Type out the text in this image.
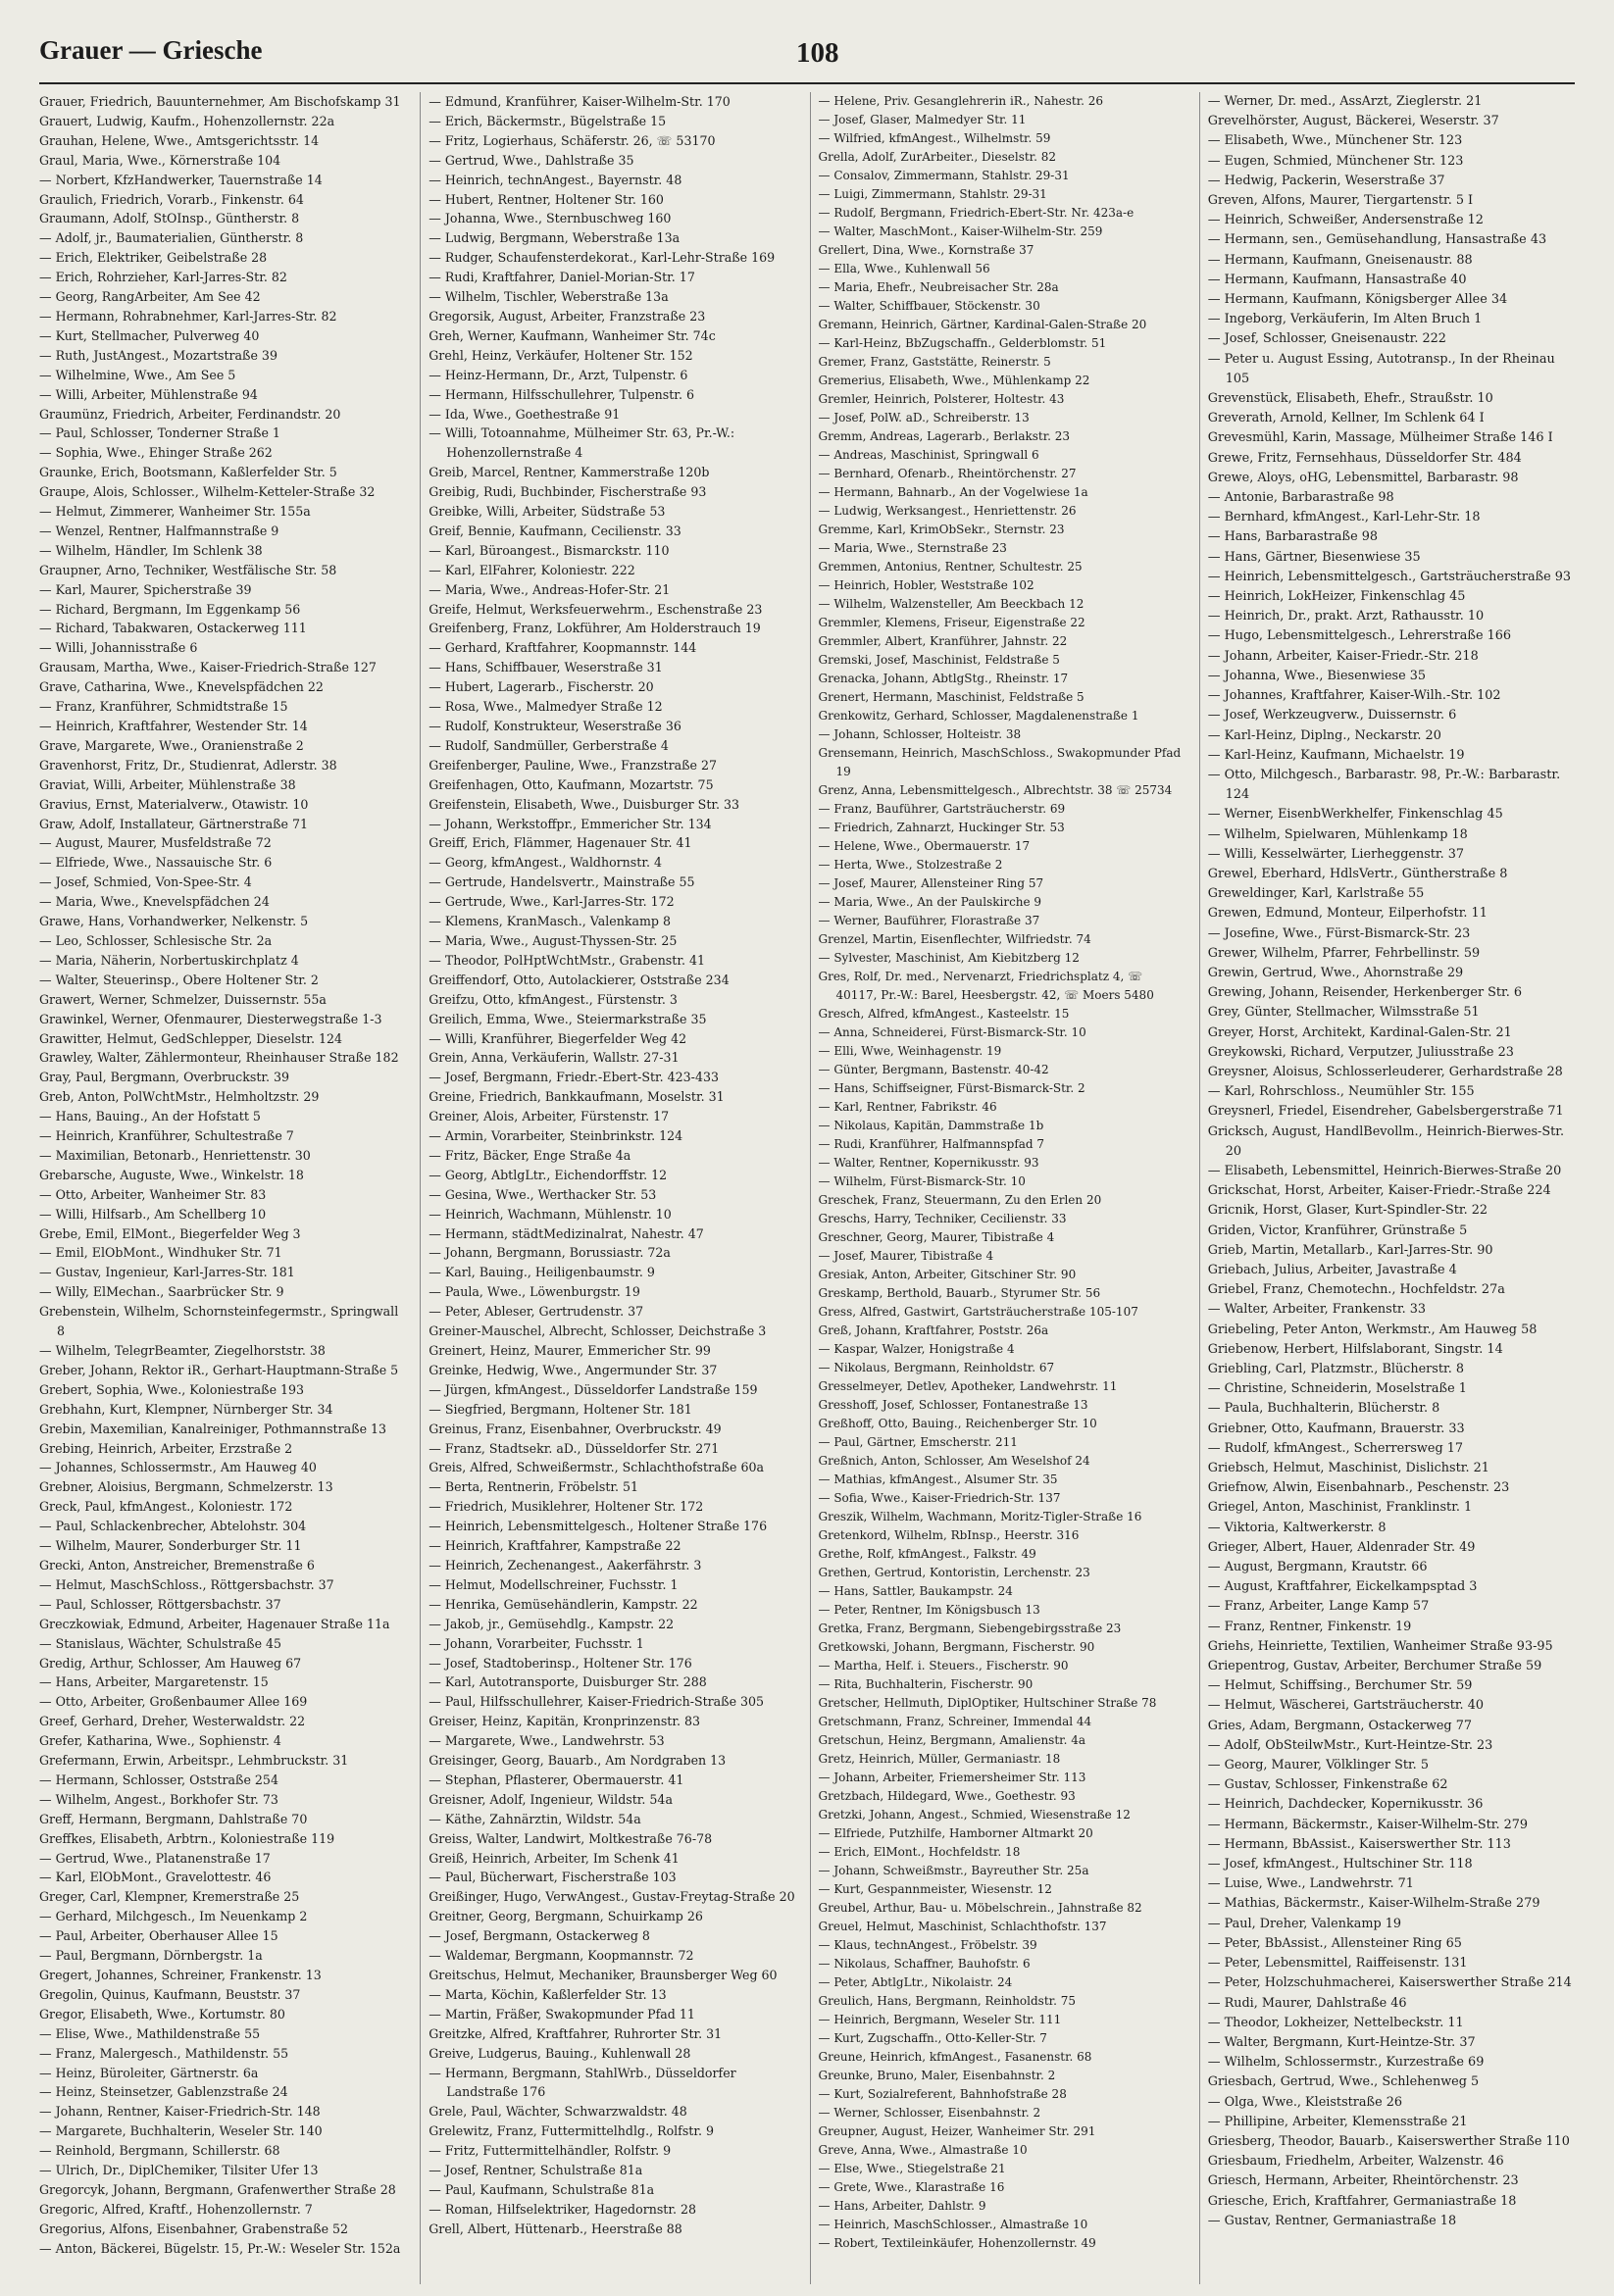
Grauer — Griesche	108
Grauer, Friedrich, Bauunternehmer, Am Bischofskamp 31
Grauert, Ludwig, Kaufm., Hohenzollernstr. 22a
Grauhan, Helene, Wwe., Amtsgerichtsstr. 14
Graul, Maria, Wwe., Körnerstraße 104
— Norbert, KfzHandwerker, Tauernstraße 14
Graulich, Friedrich, Vorarb., Finkenstr. 64
Graumann, Adolf, StOInsp., Güntherstr. 8
— Adolf, jr., Baumaterialien, Güntherstr. 8
— Erich, Elektriker, Geibelstraße 28
— Erich, Rohrzieher, Karl-Jarres-Str. 82
— Georg, RangArbeiter, Am See 42
— Hermann, Rohrabnehmer, Karl-Jarres-Str. 82
— Kurt, Stellmacher, Pulverweg 40
— Ruth, JustAngest., Mozartstraße 39
— Wilhelmine, Wwe., Am See 5
— Willi, Arbeiter, Mühlenstraße 94
Graumünz, Friedrich, Arbeiter, Ferdinandstr. 20
— Paul, Schlosser, Tonderner Straße 1
— Sophia, Wwe., Ehinger Straße 262
Graunke, Erich, Bootsmann, Kaßlerfelder Str. 5
Graupe, Alois, Schlosser., Wilhelm-Ketteler-Straße 32
— Helmut, Zimmerer, Wanheimer Str. 155a
— Wenzel, Rentner, Halfmannstraße 9
— Wilhelm, Händler, Im Schlenk 38
Graupner, Arno, Techniker, Westfälische Str. 58
— Karl, Maurer, Spicherstraße 39
— Richard, Bergmann, Im Eggenkamp 56
— Richard, Tabakwaren, Ostackerweg 111
— Willi, Johannisstraße 6
Grausam, Martha, Wwe., Kaiser-Friedrich-Straße 127
Grave, Catharina, Wwe., Knevelspfädchen 22
— Franz, Kranführer, Schmidtstraße 15
— Heinrich, Kraftfahrer, Westender Str. 14
Grave, Margarete, Wwe., Oranienstraße 2
Gravenhorst, Fritz, Dr., Studienrat, Adlerstr. 38
Graviat, Willi, Arbeiter, Mühlenstraße 38
Gravius, Ernst, Materialverw., Otawistr. 10
Graw, Adolf, Installateur, Gärtnerstraße 71
— August, Maurer, Musfeldstraße 72
— Elfriede, Wwe., Nassauische Str. 6
— Josef, Schmied, Von-Spee-Str. 4
— Maria, Wwe., Knevelspfädchen 24
Grawe, Hans, Vorhandwerker, Nelkenstr. 5
— Leo, Schlosser, Schlesische Str. 2a
— Maria, Näherin, Norbertuskirchplatz 4
— Walter, Steuerinsp., Obere Holtener Str. 2
Grawert, Werner, Schmelzer, Duissernstr. 55a
Grawinkel, Werner, Ofenmaurer, Diesterwegstraße 1-3
Grawitter, Helmut, GedSchlepper, Dieselstr. 124
Grawley, Walter, Zählermonteur, Rheinhauser Straße 182
Gray, Paul, Bergmann, Overbruckstr. 39
Greb, Anton, PolWchtMstr., Helmholtzstr. 29
— Hans, Bauing., An der Hofstatt 5
— Heinrich, Kranführer, Schultestraße 7
— Maximilian, Betonarb., Henriettenstr. 30
Grebarsche, Auguste, Wwe., Winkelstr. 18
— Otto, Arbeiter, Wanheimer Str. 83
— Willi, Hilfsarb., Am Schellberg 10
Grebe, Emil, ElMont., Biegerfelder Weg 3
— Emil, ElObMont., Windhuker Str. 71
— Gustav, Ingenieur, Karl-Jarres-Str. 181
— Willy, ElMechan., Saarbrücker Str. 9
Grebenstein, Wilhelm, Schornsteinfegermstr., Springwall 8
— Wilhelm, TelegrBeamter, Ziegelhorststr. 38
Greber, Johann, Rektor iR., Gerhart-Hauptmann-Straße 5
Grebert, Sophia, Wwe., Koloniestraße 193
Grebhahn, Kurt, Klempner, Nürnberger Str. 34
Grebin, Maxemilian, Kanalreiniger, Pothmannstraße 13
Grebing, Heinrich, Arbeiter, Erzstraße 2
— Johannes, Schlossermstr., Am Hauweg 40
Grebner, Aloisius, Bergmann, Schmelzerstr. 13
Greck, Paul, kfmAngest., Koloniestr. 172
— Paul, Schlackenbrecher, Abtelohstr. 304
— Wilhelm, Maurer, Sonderburger Str. 11
Grecki, Anton, Anstreicher, Bremenstraße 6
— Helmut, MaschSchloss., Röttgersbachstr. 37
— Paul, Schlosser, Röttgersbachstr. 37
Greczkowiak, Edmund, Arbeiter, Hagenauer Straße 11a
— Stanislaus, Wächter, Schulstraße 45
Gredig, Arthur, Schlosser, Am Hauweg 67
— Hans, Arbeiter, Margaretenstr. 15
— Otto, Arbeiter, Großenbaumer Allee 169
Greef, Gerhard, Dreher, Westerwaldstr. 22
Grefer, Katharina, Wwe., Sophienstr. 4
Grefermann, Erwin, Arbeitspr., Lehmbruckstr. 31
— Hermann, Schlosser, Oststraße 254
— Wilhelm, Angest., Borkhofer Str. 73
Greff, Hermann, Bergmann, Dahlstraße 70
Greffkes, Elisabeth, Arbtrn., Koloniestraße 119
— Gertrud, Wwe., Platanenstraße 17
— Karl, ElObMont., Gravelottestr. 46
Greger, Carl, Klempner, Kremerstraße 25
— Gerhard, Milchgesch., Im Neuenkamp 2
— Paul, Arbeiter, Oberhauser Allee 15
— Paul, Bergmann, Dörnbergstr. 1a
Gregert, Johannes, Schreiner, Frankenstr. 13
Gregolin, Quinus, Kaufmann, Beuststr. 37
Gregor, Elisabeth, Wwe., Kortumstr. 80
— Elise, Wwe., Mathildenstraße 55
— Franz, Malergesch., Mathildenstr. 55
— Heinz, Büroleiter, Gärtnerstr. 6a
— Heinz, Steinsetzer, Gablenzstraße 24
— Johann, Rentner, Kaiser-Friedrich-Str. 148
— Margarete, Buchhalterin, Weseler Str. 140
— Reinhold, Bergmann, Schillerstr. 68
— Ulrich, Dr., DiplChemiker, Tilsiter Ufer 13
Gregorcyk, Johann, Bergmann, Grafenwerther Straße 28
Gregoric, Alfred, Kraftf., Hohenzollernstr. 7
Gregorius, Alfons, Eisenbahner, Grabenstraße 52
— Anton, Bäckerei, Bügelstr. 15, Pr.-W.: Weseler Str. 152a
— Edmund, Kranführer, Kaiser-Wilhelm-Str. 170
— Erich, Bäckermstr., Bügelstraße 15
— Fritz, Logierhaus, Schäferstr. 26, ☏ 53170
— Gertrud, Wwe., Dahlstraße 35
— Heinrich, technAngest., Bayernstr. 48
— Hubert, Rentner, Holtener Str. 160
— Johanna, Wwe., Sternbuschweg 160
— Ludwig, Bergmann, Weberstraße 13a
— Rudger, Schaufensterdekorat., Karl-Lehr-Straße 169
— Rudi, Kraftfahrer, Daniel-Morian-Str. 17
— Wilhelm, Tischler, Weberstraße 13a
Gregorsik, August, Arbeiter, Franzstraße 23
Greh, Werner, Kaufmann, Wanheimer Str. 74c
Grehl, Heinz, Verkäufer, Holtener Str. 152
— Heinz-Hermann, Dr., Arzt, Tulpenstr. 6
— Hermann, Hilfsschullehrer, Tulpenstr. 6
— Ida, Wwe., Goethestraße 91
— Willi, Totoannahme, Mülheimer Str. 63, Pr.-W.: Hohenzollernstraße 4
Greib, Marcel, Rentner, Kammerstraße 120b
Greibig, Rudi, Buchbinder, Fischerstraße 93
Greibke, Willi, Arbeiter, Südstraße 53
Greif, Bennie, Kaufmann, Cecilienstr. 33
— Karl, Büroangest., Bismarckstr. 110
— Karl, ElFahrer, Koloniestr. 222
— Maria, Wwe., Andreas-Hofer-Str. 21
Greife, Helmut, Werksfeuerwehrm., Eschenstraße 23
Greifenberg, Franz, Lokführer, Am Holderstrauch 19
— Gerhard, Kraftfahrer, Koopmannstr. 144
— Hans, Schiffbauer, Weserstraße 31
— Hubert, Lagerarb., Fischerstr. 20
— Rosa, Wwe., Malmedyer Straße 12
— Rudolf, Konstrukteur, Weserstraße 36
— Rudolf, Sandmüller, Gerberstraße 4
Greifenberger, Pauline, Wwe., Franzstraße 27
Greifenhagen, Otto, Kaufmann, Mozartstr. 75
Greifenstein, Elisabeth, Wwe., Duisburger Str. 33
— Johann, Werkstoffpr., Emmericher Str. 134
Greiff, Erich, Flämmer, Hagenauer Str. 41
— Georg, kfmAngest., Waldhornstr. 4
— Gertrude, Handelsvertr., Mainstraße 55
— Gertrude, Wwe., Karl-Jarres-Str. 172
— Klemens, KranMasch., Valenkamp 8
— Maria, Wwe., August-Thyssen-Str. 25
— Theodor, PolHptWchtMstr., Grabenstr. 41
Greiffendorf, Otto, Autolackierer, Oststraße 234
Greifzu, Otto, kfmAngest., Fürstenstr. 3
Greilich, Emma, Wwe., Steiermarkstraße 35
— Willi, Kranführer, Biegerfelder Weg 42
Grein, Anna, Verkäuferin, Wallstr. 27-31
— Josef, Bergmann, Friedr.-Ebert-Str. 423-433
Greine, Friedrich, Bankkaufmann, Moselstr. 31
Greiner, Alois, Arbeiter, Fürstenstr. 17
— Armin, Vorarbeiter, Steinbrinkstr. 124
— Fritz, Bäcker, Enge Straße 4a
— Georg, AbtlgLtr., Eichendorffstr. 12
— Gesina, Wwe., Werthacker Str. 53
— Heinrich, Wachmann, Mühlenstr. 10
— Hermann, städtMedizinalrat, Nahestr. 47
— Johann, Bergmann, Borussiastr. 72a
— Karl, Bauing., Heiligenbaumstr. 9
— Paula, Wwe., Löwenburgstr. 19
— Peter, Ableser, Gertrudenstr. 37
Greiner-Mauschel, Albrecht, Schlosser, Deichstraße 3
Greinert, Heinz, Maurer, Emmericher Str. 99
Greinke, Hedwig, Wwe., Angermunder Str. 37
— Jürgen, kfmAngest., Düsseldorfer Landstraße 159
— Siegfried, Bergmann, Holtener Str. 181
Greinus, Franz, Eisenbahner, Overbruckstr. 49
— Franz, Stadtsekr. aD., Düsseldorfer Str. 271
Greis, Alfred, Schweißermstr., Schlachthofstraße 60a
— Berta, Rentnerin, Fröbelstr. 51
— Friedrich, Musiklehrer, Holtener Str. 172
— Heinrich, Lebensmittelgesch., Holtener Straße 176
— Heinrich, Kraftfahrer, Kampstraße 22
— Heinrich, Zechenangest., Aakerfährstr. 3
— Helmut, Modellschreiner, Fuchsstr. 1
— Henrika, Gemüsehändlerin, Kampstr. 22
— Jakob, jr., Gemüsehdlg., Kampstr. 22
— Johann, Vorarbeiter, Fuchsstr. 1
— Josef, Stadtoberinsp., Holtener Str. 176
— Karl, Autotransporte, Duisburger Str. 288
— Paul, Hilfsschullehrer, Kaiser-Friedrich-Straße 305
Greiser, Heinz, Kapitän, Kronprinzenstr. 83
— Margarete, Wwe., Landwehrstr. 53
Greisinger, Georg, Bauarb., Am Nordgraben 13
— Stephan, Pflasterer, Obermauerstr. 41
Greisner, Adolf, Ingenieur, Wildstr. 54a
— Käthe, Zahnärztin, Wildstr. 54a
Greiss, Walter, Landwirt, Moltkestraße 76-78
Greiß, Heinrich, Arbeiter, Im Schenk 41
— Paul, Bücherwart, Fischerstraße 103
Greißinger, Hugo, VerwAngest., Gustav-Freytag-Straße 20
Greitner, Georg, Bergmann, Schuirkamp 26
— Josef, Bergmann, Ostackerweg 8
— Waldemar, Bergmann, Koopmannstr. 72
Greitschus, Helmut, Mechaniker, Braunsberger Weg 60
— Marta, Köchin, Kaßlerfelder Str. 13
— Martin, Fräßer, Swakopmunder Pfad 11
Greitzke, Alfred, Kraftfahrer, Ruhrorter Str. 31
Greive, Ludgerus, Bauing., Kuhlenwall 28
— Hermann, Bergmann, StahlWrb., Düsseldorfer Landstraße 176
Grele, Paul, Wächter, Schwarzwaldstr. 48
Grelewitz, Franz, Futtermittelhdlg., Rolfstr. 9
— Fritz, Futtermittelhändler, Rolfstr. 9
— Josef, Rentner, Schulstraße 81a
— Paul, Kaufmann, Schulstraße 81a
— Roman, Hilfselektriker, Hagedornstr. 28
Grell, Albert, Hüttenarb., Heerstraße 88
— Helene, Priv. Gesanglehrerin iR., Nahestr. 26
— Josef, Glaser, Malmedyer Str. 11
— Wilfried, kfmAngest., Wilhelmstr. 59
Grella, Adolf, ZurArbeiter., Dieselstr. 82
— Consalov, Zimmermann, Stahlstr. 29-31
— Luigi, Zimmermann, Stahlstr. 29-31
— Rudolf, Bergmann, Friedrich-Ebert-Str. Nr. 423a-e
— Walter, MaschMont., Kaiser-Wilhelm-Str. 259
Grellert, Dina, Wwe., Kornstraße 37
— Ella, Wwe., Kuhlenwall 56
— Maria, Ehefr., Neubreisacher Str. 28a
— Walter, Schiffbauer, Stöckenstr. 30
Gremann, Heinrich, Gärtner, Kardinal-Galen-Straße 20
— Karl-Heinz, BbZugschaffn., Gelderblomstr. 51
Gremer, Franz, Gaststätte, Reinerstr. 5
Gremerius, Elisabeth, Wwe., Mühlenkamp 22
Gremler, Heinrich, Polsterer, Holtestr. 43
— Josef, PolW. aD., Schreiberstr. 13
Gremm, Andreas, Lagerarb., Berlakstr. 23
— Andreas, Maschinist, Springwall 6
— Bernhard, Ofenarb., Rheintörchenstr. 27
— Hermann, Bahnarb., An der Vogelwiese 1a
— Ludwig, Werksangest., Henriettenstr. 26
Gremme, Karl, KrimObSekr., Sternstr. 23
— Maria, Wwe., Sternstraße 23
Gremmen, Antonius, Rentner, Schultestr. 25
— Heinrich, Hobler, Weststraße 102
— Wilhelm, Walzensteller, Am Beeckbach 12
Gremmler, Klemens, Friseur, Eigenstraße 22
Gremmler, Albert, Kranführer, Jahnstr. 22
Gremski, Josef, Maschinist, Feldstraße 5
Grenacka, Johann, AbtlgStg., Rheinstr. 17
Grenert, Hermann, Maschinist, Feldstraße 5
Grenkowitz, Gerhard, Schlosser, Magdalenenstraße 1
— Johann, Schlosser, Holteistr. 38
Grensemann, Heinrich, MaschSchloss., Swakopmunder Pfad 19
Grenz, Anna, Lebensmittelgesch., Albrechtstr. 38 ☏ 25734
— Franz, Bauführer, Gartsträucherstr. 69
— Friedrich, Zahnarzt, Huckinger Str. 53
— Helene, Wwe., Obermauerstr. 17
— Herta, Wwe., Stolzestraße 2
— Josef, Maurer, Allensteiner Ring 57
— Maria, Wwe., An der Paulskirche 9
— Werner, Bauführer, Florastraße 37
Grenzel, Martin, Eisenflechter, Wilfriedstr. 74
— Sylvester, Maschinist, Am Kiebitzberg 12
Gres, Rolf, Dr. med., Nervenarzt, Friedrichsplatz 4, ☏ 40117, Pr.-W.: Barel, Heesbergstr. 42, ☏ Moers 5480
Gresch, Alfred, kfmAngest., Kasteelstr. 15
— Anna, Schneiderei, Fürst-Bismarck-Str. 10
— Elli, Wwe, Weinhagenstr. 19
— Günter, Bergmann, Bastenstr. 40-42
— Hans, Schiffseigner, Fürst-Bismarck-Str. 2
— Karl, Rentner, Fabrikstr. 46
— Nikolaus, Kapitän, Dammstraße 1b
— Rudi, Kranführer, Halfmannspfad 7
— Walter, Rentner, Kopernikusstr. 93
— Wilhelm, Fürst-Bismarck-Str. 10
Greschek, Franz, Steuermann, Zu den Erlen 20
Greschs, Harry, Techniker, Cecilienstr. 33
Greschner, Georg, Maurer, Tibistraße 4
— Josef, Maurer, Tibistraße 4
Gresiak, Anton, Arbeiter, Gitschiner Str. 90
Greskamp, Berthold, Bauarb., Styrumer Str. 56
Gress, Alfred, Gastwirt, Gartsträucherstraße 105-107
Greß, Johann, Kraftfahrer, Poststr. 26a
— Kaspar, Walzer, Honigstraße 4
— Nikolaus, Bergmann, Reinholdstr. 67
Gresselmeyer, Detlev, Apotheker, Landwehrstr. 11
Gresshoff, Josef, Schlosser, Fontanestraße 13
Greßhoff, Otto, Bauing., Reichenberger Str. 10
— Paul, Gärtner, Emscherstr. 211
Greßnich, Anton, Schlosser, Am Weselshof 24
— Mathias, kfmAngest., Alsumer Str. 35
— Sofia, Wwe., Kaiser-Friedrich-Str. 137
Greszik, Wilhelm, Wachmann, Moritz-Tigler-Straße 16
Gretenkord, Wilhelm, RbInsp., Heerstr. 316
Grethe, Rolf, kfmAngest., Falkstr. 49
Grethen, Gertrud, Kontoristin, Lerchenstr. 23
— Hans, Sattler, Baukampstr. 24
— Peter, Rentner, Im Königsbusch 13
Gretka, Franz, Bergmann, Siebengebirgsstraße 23
Gretkowski, Johann, Bergmann, Fischerstr. 90
— Martha, Helf. i. Steuers., Fischerstr. 90
— Rita, Buchhalterin, Fischerstr. 90
Gretscher, Hellmuth, DiplOptiker, Hultschiner Straße 78
Gretschmann, Franz, Schreiner, Immendal 44
Gretschun, Heinz, Bergmann, Amalienstr. 4a
Gretz, Heinrich, Müller, Germaniastr. 18
— Johann, Arbeiter, Friemersheimer Str. 113
Gretzbach, Hildegard, Wwe., Goethestr. 93
Gretzki, Johann, Angest., Schmied, Wiesenstraße 12
— Elfriede, Putzhilfe, Hamborner Altmarkt 20
— Erich, ElMont., Hochfeldstr. 18
— Johann, Schweißmstr., Bayreuther Str. 25a
— Kurt, Gespannmeister, Wiesenstr. 12
Greubel, Arthur, Bau- u. Möbelschrein., Jahnstraße 82
Greuel, Helmut, Maschinist, Schlachthofstr. 137
— Klaus, technAngest., Fröbelstr. 39
— Nikolaus, Schaffner, Bauhofstr. 6
— Peter, AbtlgLtr., Nikolaistr. 24
Greulich, Hans, Bergmann, Reinholdstr. 75
— Heinrich, Bergmann, Weseler Str. 111
— Kurt, Zugschaffn., Otto-Keller-Str. 7
Greune, Heinrich, kfmAngest., Fasanenstr. 68
Greunke, Bruno, Maler, Eisenbahnstr. 2
— Kurt, Sozialreferent, Bahnhofstraße 28
— Werner, Schlosser, Eisenbahnstr. 2
Greupner, August, Heizer, Wanheimer Str. 291
Greve, Anna, Wwe., Almastraße 10
— Else, Wwe., Stiegelstraße 21
— Grete, Wwe., Klarastraße 16
— Hans, Arbeiter, Dahlstr. 9
— Heinrich, MaschSchlosser., Almastraße 10
— Robert, Textileinkäufer, Hohenzollernstr. 49
— Werner, Dr. med., AssArzt, Zieglerstr. 21
Grevelhörster, August, Bäckerei, Weserstr. 37
— Elisabeth, Wwe., Münchener Str. 123
— Eugen, Schmied, Münchener Str. 123
— Hedwig, Packerin, Weserstraße 37
Greven, Alfons, Maurer, Tiergartenstr. 5 I
— Heinrich, Schweißer, Andersenstraße 12
— Hermann, sen., Gemüsehandlung, Hansastraße 43
— Hermann, Kaufmann, Gneisenaustr. 88
— Hermann, Kaufmann, Hansastraße 40
— Hermann, Kaufmann, Königsberger Allee 34
— Ingeborg, Verkäuferin, Im Alten Bruch 1
— Josef, Schlosser, Gneisenaustr. 222
— Peter u. August Essing, Autotransp., In der Rheinau 105
Grevenstück, Elisabeth, Ehefr., Straußstr. 10
Greverath, Arnold, Kellner, Im Schlenk 64 I
Grevesmühl, Karin, Massage, Mülheimer Straße 146 I
Grewe, Fritz, Fernsehhaus, Düsseldorfer Str. 484
Grewe, Aloys, oHG, Lebensmittel, Barbarastr. 98
— Antonie, Barbarastraße 98
— Bernhard, kfmAngest., Karl-Lehr-Str. 18
— Hans, Barbarastraße 98
— Hans, Gärtner, Biesenwiese 35
— Heinrich, Lebensmittelgesch., Gartsträucherstraße 93
— Heinrich, LokHeizer, Finkenschlag 45
— Heinrich, Dr., prakt. Arzt, Rathausstr. 10
— Hugo, Lebensmittelgesch., Lehrerstraße 166
— Johann, Arbeiter, Kaiser-Friedr.-Str. 218
— Johanna, Wwe., Biesenwiese 35
— Johannes, Kraftfahrer, Kaiser-Wilh.-Str. 102
— Josef, Werkzeugverw., Duissernstr. 6
— Karl-Heinz, Diplng., Neckarstr. 20
— Karl-Heinz, Kaufmann, Michaelstr. 19
— Otto, Milchgesch., Barbarastr. 98, Pr.-W.: Barbarastr. 124
— Werner, EisenbWerkhelfer, Finkenschlag 45
— Wilhelm, Spielwaren, Mühlenkamp 18
— Willi, Kesselwärter, Lierheggenstr. 37
Grewel, Eberhard, HdlsVertr., Güntherstraße 8
Greweldinger, Karl, Karlstraße 55
Grewen, Edmund, Monteur, Eilperhofstr. 11
— Josefine, Wwe., Fürst-Bismarck-Str. 23
Grewer, Wilhelm, Pfarrer, Fehrbellinstr. 59
Grewin, Gertrud, Wwe., Ahornstraße 29
Grewing, Johann, Reisender, Herkenberger Str. 6
Grey, Günter, Stellmacher, Wilmsstraße 51
Greyer, Horst, Architekt, Kardinal-Galen-Str. 21
Greykowski, Richard, Verputzer, Juliusstraße 23
Greysner, Aloisus, Schlosserleuderer, Gerhardstraße 28
— Karl, Rohrschloss., Neumühler Str. 155
Greysnerl, Friedel, Eisendreher, Gabelsbergerstraße 71
Gricksch, August, HandlBevollm., Heinrich-Bierwes-Str. 20
— Elisabeth, Lebensmittel, Heinrich-Bierwes-Straße 20
Grickschat, Horst, Arbeiter, Kaiser-Friedr.-Straße 224
Gricnik, Horst, Glaser, Kurt-Spindler-Str. 22
Griden, Victor, Kranführer, Grünstraße 5
Grieb, Martin, Metallarb., Karl-Jarres-Str. 90
Griebach, Julius, Arbeiter, Javastraße 4
Griebel, Franz, Chemotechn., Hochfeldstr. 27a
— Walter, Arbeiter, Frankenstr. 33
Griebeling, Peter Anton, Werkmstr., Am Hauweg 58
Griebenow, Herbert, Hilfslaborant, Singstr. 14
Griebling, Carl, Platzmstr., Blücherstr. 8
— Christine, Schneiderin, Moselstraße 1
— Paula, Buchhalterin, Blücherstr. 8
Griebner, Otto, Kaufmann, Brauerstr. 33
— Rudolf, kfmAngest., Scherrersweg 17
Griebsch, Helmut, Maschinist, Dislichstr. 21
Griefnow, Alwin, Eisenbahnarb., Peschenstr. 23
Griegel, Anton, Maschinist, Franklinstr. 1
— Viktoria, Kaltwerkerstr. 8
Grieger, Albert, Hauer, Aldenrader Str. 49
— August, Bergmann, Krautstr. 66
— August, Kraftfahrer, Eickelkampsptad 3
— Franz, Arbeiter, Lange Kamp 57
— Franz, Rentner, Finkenstr. 19
Griehs, Heinriette, Textilien, Wanheimer Straße 93-95
Griepentrog, Gustav, Arbeiter, Berchumer Straße 59
— Helmut, Schiffsing., Berchumer Str. 59
— Helmut, Wäscherei, Gartsträucherstr. 40
Gries, Adam, Bergmann, Ostackerweg 77
— Adolf, ObSteilwMstr., Kurt-Heintze-Str. 23
— Georg, Maurer, Völklinger Str. 5
— Gustav, Schlosser, Finkenstraße 62
— Heinrich, Dachdecker, Kopernikusstr. 36
— Hermann, Bäckermstr., Kaiser-Wilhelm-Str. 279
— Hermann, BbAssist., Kaiserswerther Str. 113
— Josef, kfmAngest., Hultschiner Str. 118
— Luise, Wwe., Landwehrstr. 71
— Mathias, Bäckermstr., Kaiser-Wilhelm-Straße 279
— Paul, Dreher, Valenkamp 19
— Peter, BbAssist., Allensteiner Ring 65
— Peter, Lebensmittel, Raiffeisenstr. 131
— Peter, Holzschuhmacherei, Kaiserswerther Straße 214
— Rudi, Maurer, Dahlstraße 46
— Theodor, Lokheizer, Nettelbeckstr. 11
— Walter, Bergmann, Kurt-Heintze-Str. 37
— Wilhelm, Schlossermstr., Kurzestraße 69
Griesbach, Gertrud, Wwe., Schlehenweg 5
— Olga, Wwe., Kleiststraße 26
— Phillipine, Arbeiter, Klemensstraße 21
Griesberg, Theodor, Bauarb., Kaiserswerther Straße 110
Griesbaum, Friedhelm, Arbeiter, Walzenstr. 46
Griesch, Hermann, Arbeiter, Rheintörchenstr. 23
Griesche, Erich, Kraftfahrer, Germaniastraße 18
— Gustav, Rentner, Germaniastraße 18
